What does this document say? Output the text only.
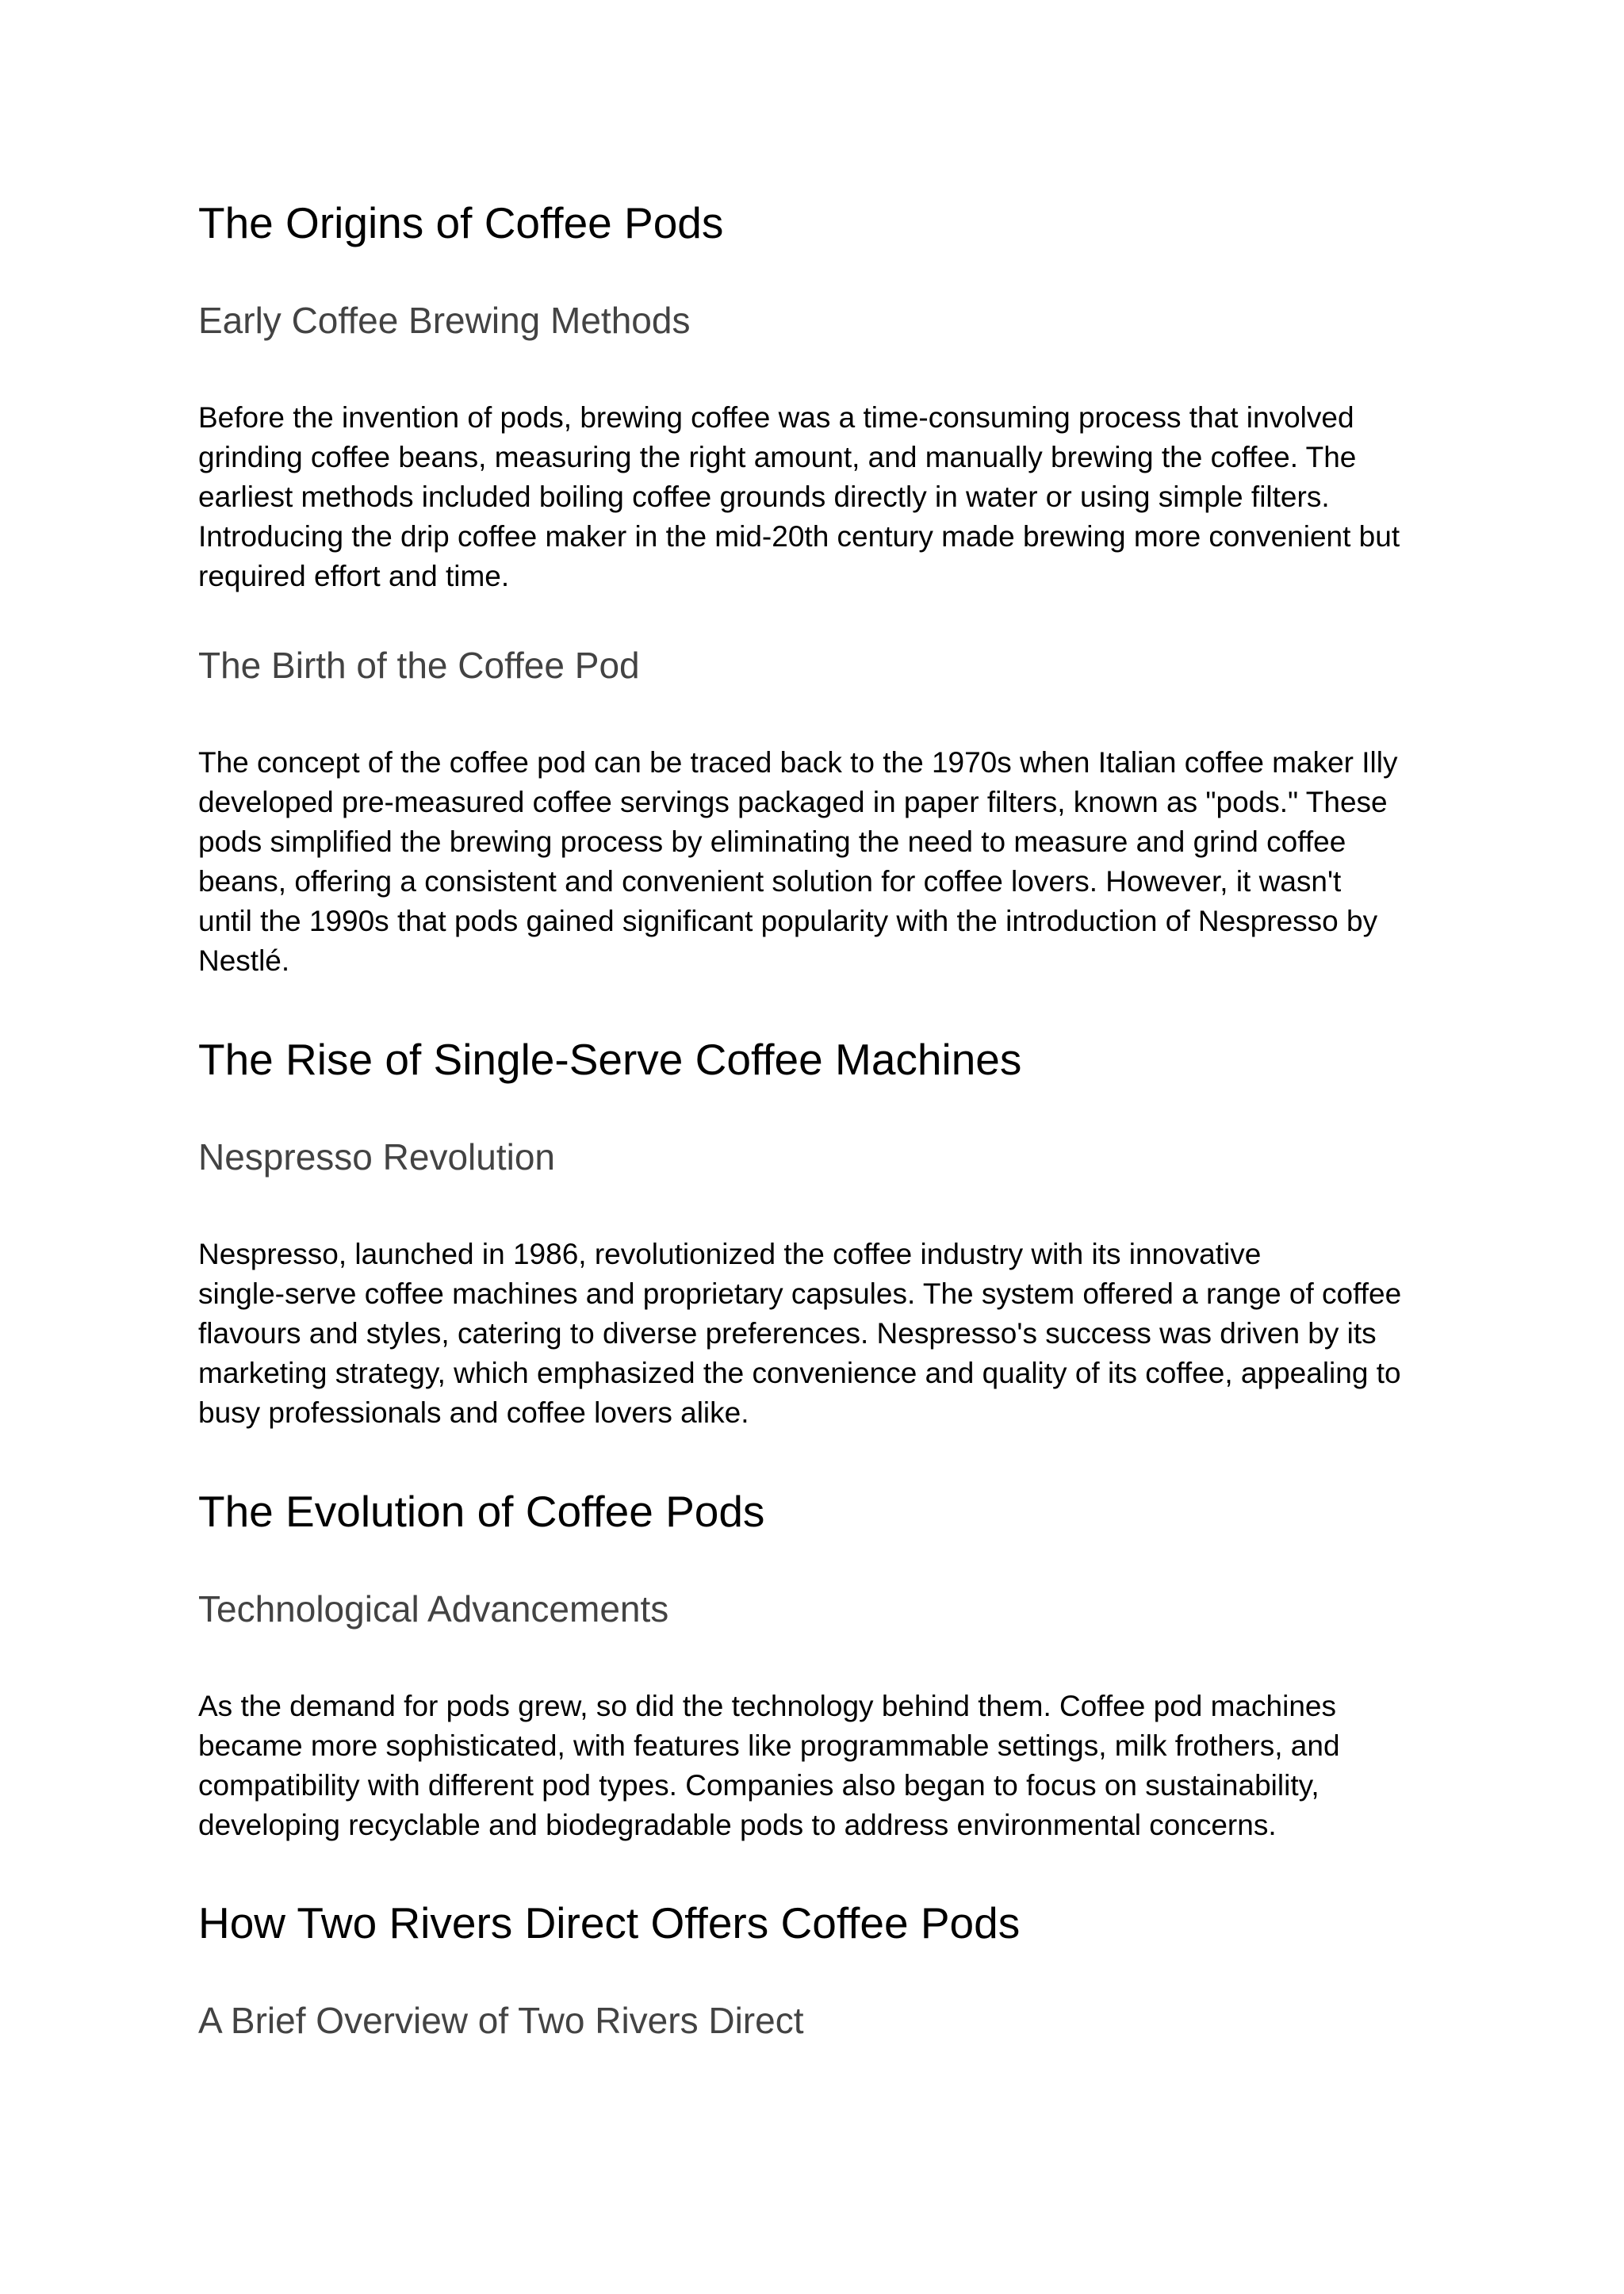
The Origins of Coffee Pods
Early Coffee Brewing Methods
Before the invention of pods, brewing coffee was a time-consuming process that involved
grinding coffee beans, measuring the right amount, and manually brewing the coffee. The
earliest methods included boiling coffee grounds directly in water or using simple filters.
Introducing the drip coffee maker in the mid-20th century made brewing more convenient but
required effort and time.
The Birth of the Coffee Pod
The concept of the coffee pod can be traced back to the 1970s when Italian coffee maker Illy
developed pre-measured coffee servings packaged in paper filters, known as "pods." These
pods simplified the brewing process by eliminating the need to measure and grind coffee
beans, offering a consistent and convenient solution for coffee lovers. However, it wasn't
until the 1990s that pods gained significant popularity with the introduction of Nespresso by
Nestlé.
The Rise of Single-Serve Coffee Machines
Nespresso Revolution
Nespresso, launched in 1986, revolutionized the coffee industry with its innovative
single-serve coffee machines and proprietary capsules. The system offered a range of coffee
flavours and styles, catering to diverse preferences. Nespresso's success was driven by its
marketing strategy, which emphasized the convenience and quality of its coffee, appealing to
busy professionals and coffee lovers alike.
The Evolution of Coffee Pods
Technological Advancements
As the demand for pods grew, so did the technology behind them. Coffee pod machines
became more sophisticated, with features like programmable settings, milk frothers, and
compatibility with different pod types. Companies also began to focus on sustainability,
developing recyclable and biodegradable pods to address environmental concerns.
How Two Rivers Direct Offers Coffee Pods
A Brief Overview of Two Rivers Direct
